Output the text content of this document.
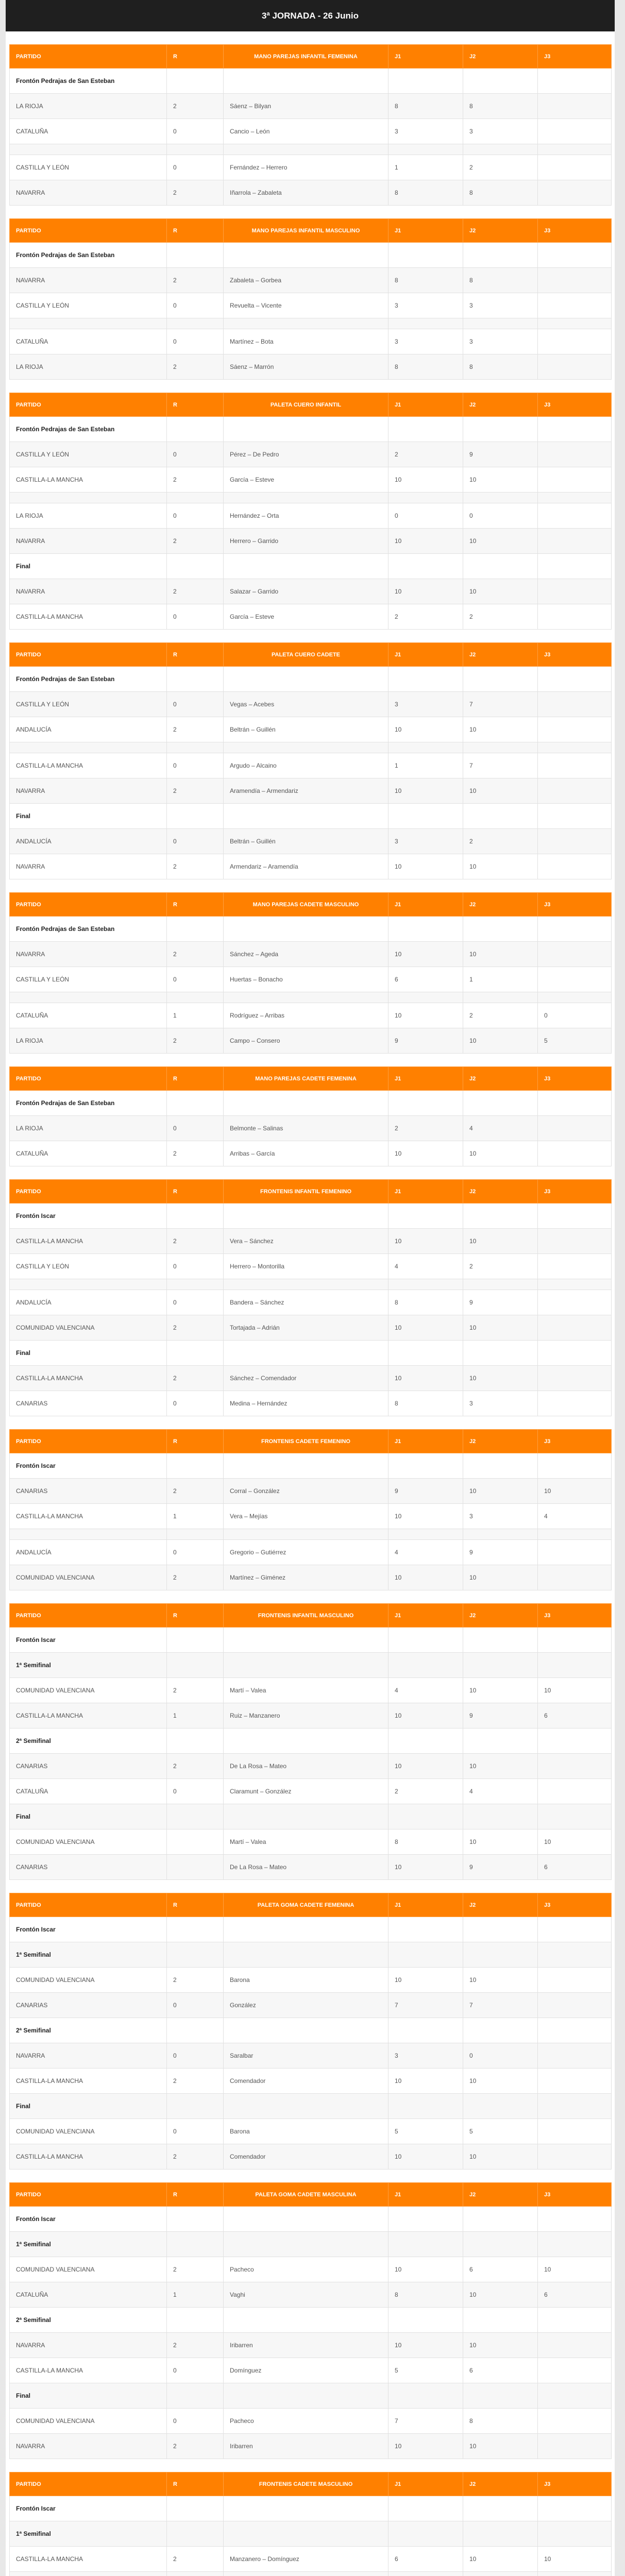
3ª JORNADA - 26 Junio
PARTIDO	R	MANO PAREJAS INFANTIL FEMENINA	J1	J2	J3
Frontón Pedrajas de San Esteban					
LA RIOJA	2	Sáenz – Bilyan	8	8	
CATALUÑA	0	Cancio – León	3	3	

CASTILLA Y LEÓN	0	Fernández – Herrero	1	2	
NAVARRA	2	Iñarrola – Zabaleta	8	8	
PARTIDO	R	MANO PAREJAS INFANTIL MASCULINO	J1	J2	J3
Frontón Pedrajas de San Esteban					
NAVARRA	2	Zabaleta – Gorbea	8	8	
CASTILLA Y LEÓN	0	Revuelta – Vicente	3	3	

CATALUÑA	0	Martínez – Bota	3	3	
LA RIOJA	2	Sáenz – Marrón	8	8	
PARTIDO	R	PALETA CUERO INFANTIL	J1	J2	J3
Frontón Pedrajas de San Esteban					
CASTILLA Y LEÓN	0	Pérez – De Pedro	2	9	
CASTILLA-LA MANCHA	2	García – Esteve	10	10	

LA RIOJA	0	Hernández – Orta	0	0	
NAVARRA	2	Herrero – Garrido	10	10	
Final					
NAVARRA	2	Salazar – Garrido	10	10	
CASTILLA-LA MANCHA	0	García – Esteve	2	2	
PARTIDO	R	PALETA CUERO CADETE	J1	J2	J3
Frontón Pedrajas de San Esteban					
CASTILLA Y LEÓN	0	Vegas – Acebes	3	7	
ANDALUCÍA	2	Beltrán – Guillén	10	10	

CASTILLA-LA MANCHA	0	Argudo – Alcaino	1	7	
NAVARRA	2	Aramendía – Armendariz	10	10	
Final					
ANDALUCÍA	0	Beltrán – Guillén	3	2	
NAVARRA	2	Armendariz – Aramendía	10	10	
PARTIDO	R	MANO PAREJAS CADETE MASCULINO	J1	J2	J3
Frontón Pedrajas de San Esteban					
NAVARRA	2	Sánchez – Ageda	10	10	
CASTILLA Y LEÓN	0	Huertas – Bonacho	6	1	

CATALUÑA	1	Rodríguez – Arribas	10	2	0
LA RIOJA	2	Campo – Consero	9	10	5
PARTIDO	R	MANO PAREJAS CADETE FEMENINA	J1	J2	J3
Frontón Pedrajas de San Esteban					
LA RIOJA	0	Belmonte – Salinas	2	4	
CATALUÑA	2	Arribas – García	10	10	
PARTIDO	R	FRONTENIS INFANTIL FEMENINO	J1	J2	J3
Frontón Iscar					
CASTILLA-LA MANCHA	2	Vera – Sánchez	10	10	
CASTILLA Y LEÓN	0	Herrero – Montorilla	4	2	

ANDALUCÍA	0	Bandera – Sánchez	8	9	
COMUNIDAD VALENCIANA	2	Tortajada – Adrián	10	10	
Final					
CASTILLA-LA MANCHA	2	Sánchez – Comendador	10	10	
CANARIAS	0	Medina – Hernández	8	3	
PARTIDO	R	FRONTENIS CADETE FEMENINO	J1	J2	J3
Frontón Iscar					
CANARIAS	2	Corral – González	9	10	10
CASTILLA-LA MANCHA	1	Vera – Mejías	10	3	4

ANDALUCÍA	0	Gregorio – Gutiérrez	4	9	
COMUNIDAD VALENCIANA	2	Martínez – Giménez	10	10	
PARTIDO	R	FRONTENIS INFANTIL MASCULINO	J1	J2	J3
Frontón Iscar					
1ª Semifinal					
COMUNIDAD VALENCIANA	2	Martí – Valea	4	10	10
CASTILLA-LA MANCHA	1	Ruiz – Manzanero	10	9	6
2ª Semifinal					
CANARIAS	2	De La Rosa – Mateo	10	10	
CATALUÑA	0	Claramunt – González	2	4	
Final					
COMUNIDAD VALENCIANA		Martí – Valea	8	10	10
CANARIAS		De La Rosa – Mateo	10	9	6
PARTIDO	R	PALETA GOMA CADETE FEMENINA	J1	J2	J3
Frontón Iscar					
1ª Semifinal					
COMUNIDAD VALENCIANA	2	Barona	10	10	
CANARIAS	0	González	7	7	
2ª Semifinal					
NAVARRA	0	Saralbar	3	0	
CASTILLA-LA MANCHA	2	Comendador	10	10	
Final					
COMUNIDAD VALENCIANA	0	Barona	5	5	
CASTILLA-LA MANCHA	2	Comendador	10	10	
PARTIDO	R	PALETA GOMA CADETE MASCULINA	J1	J2	J3
Frontón Iscar					
1ª Semifinal					
COMUNIDAD VALENCIANA	2	Pacheco	10	6	10
CATALUÑA	1	Vaghi	8	10	6
2ª Semifinal					
NAVARRA	2	Iribarren	10	10	
CASTILLA-LA MANCHA	0	Domínguez	5	6	
Final					
COMUNIDAD VALENCIANA	0	Pacheco	7	8	
NAVARRA	2	Iribarren	10	10	
PARTIDO	R	FRONTENIS CADETE MASCULINO	J1	J2	J3
Frontón Iscar					
1ª Semifinal					
CASTILLA-LA MANCHA	2	Manzanero – Domínguez	6	10	10
